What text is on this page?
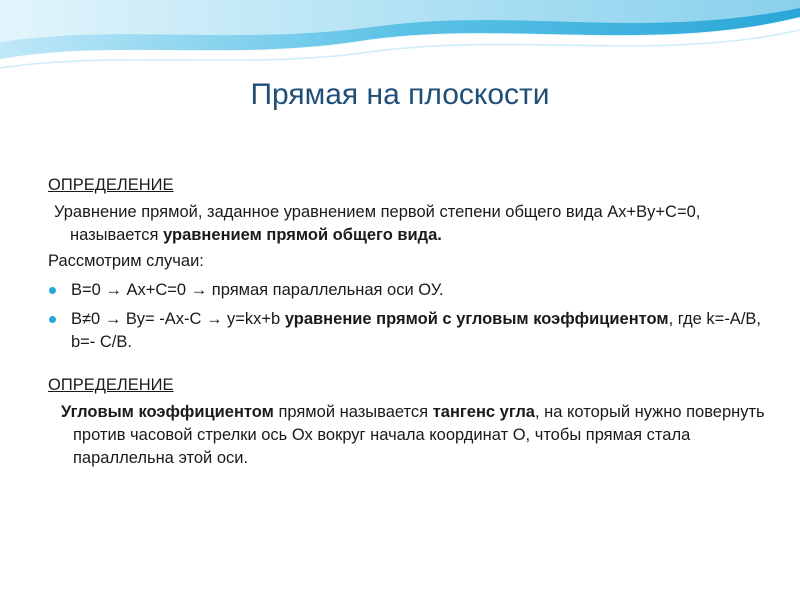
Прямая на плоскости

ОПРЕДЕЛЕНИЕ

Уравнение прямой, заданное уравнением первой степени общего вида Ax+By+C=0, называется уравнением прямой общего вида.

Рассмотрим случаи:

В=0 → Ах+С=0 → прямая параллельная оси ОУ.
В≠0 → Ву= -Ах-С → у=kx+b уравнение прямой с угловым коэффициентом, где k=-A/B, b=- C/B.

ОПРЕДЕЛЕНИЕ

Угловым коэффициентом прямой называется тангенс угла, на который нужно повернуть против часовой стрелки ось Ох вокруг начала координат О, чтобы прямая стала параллельна этой оси.
